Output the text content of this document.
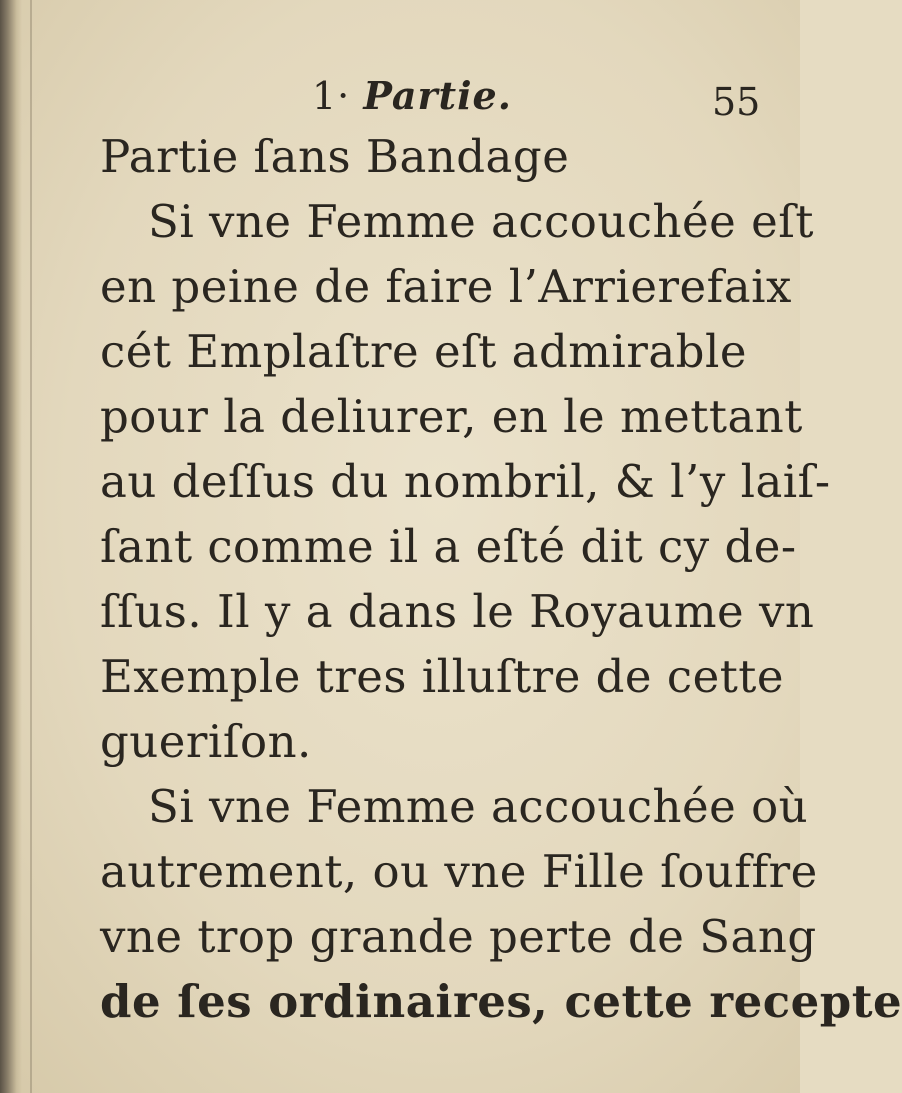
1· Partie.	55
Partie ſans Bandage
Si vne Femme accouchée eſt
en peine de faire l’Arrierefaix
cét Emplaſtre eſt admirable
pour la deliurer, en le mettant
au deſſus du nombril, & l’y laiſ-
ſant comme il a eſté dit cy de-
ſſus. Il y a dans le Royaume vn
Exemple tres illuſtre de cette
gueriſon.
Si vne Femme accouchée où
autrement, ou vne Fille ſouffre
vne trop grande perte de Sang
de ſes ordinaires, cette recepte
